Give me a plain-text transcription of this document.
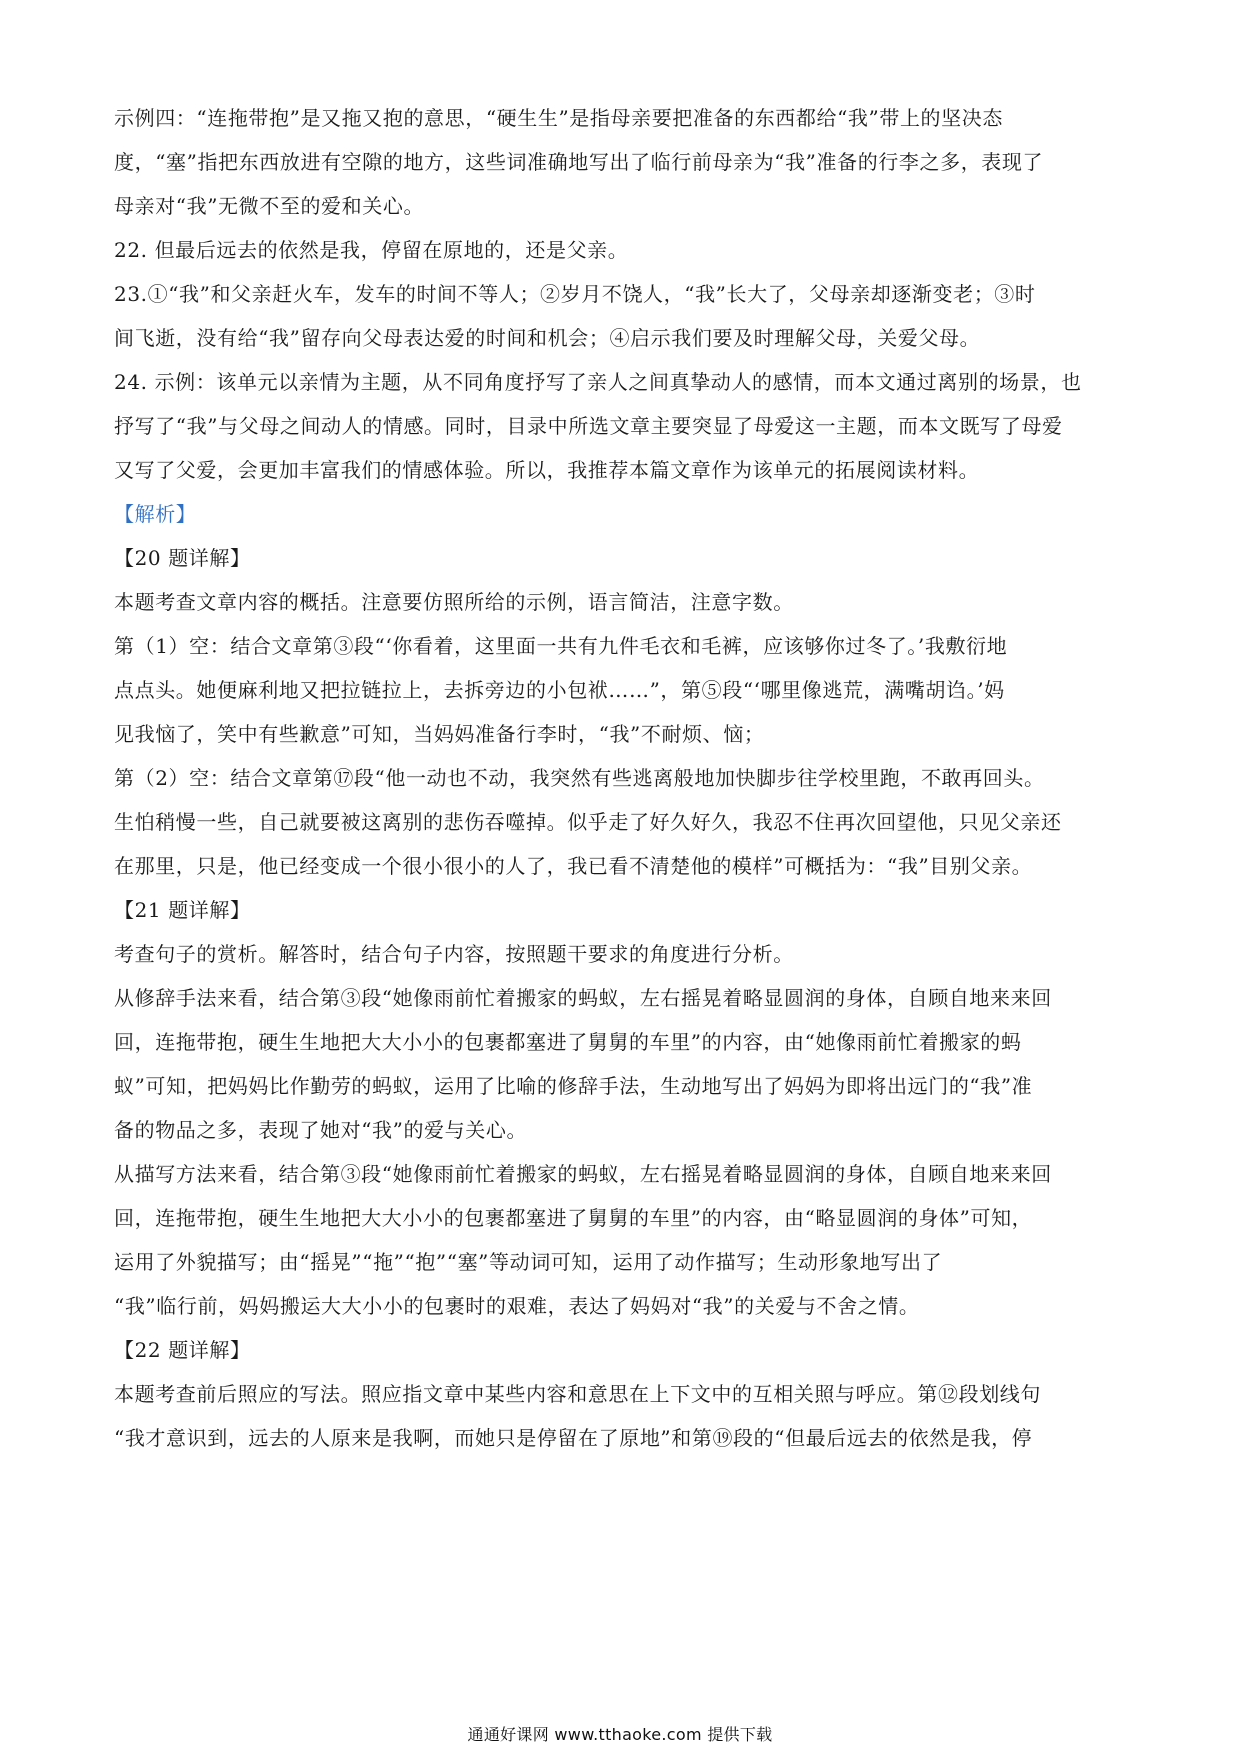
示例四：“连拖带抱”是又拖又抱的意思，“硬生生”是指母亲要把准备的东西都给“我”带上的坚决态
度，“塞”指把东西放进有空隙的地方，这些词准确地写出了临行前母亲为“我”准备的行李之多，表现了
母亲对“我”无微不至的爱和关心。
22. 但最后远去的依然是我，停留在原地的，还是父亲。
23.①“我”和父亲赶火车，发车的时间不等人；②岁月不饶人，“我”长大了，父母亲却逐渐变老；③时
间飞逝，没有给“我”留存向父母表达爱的时间和机会；④启示我们要及时理解父母，关爱父母。
24. 示例：该单元以亲情为主题，从不同角度抒写了亲人之间真挚动人的感情，而本文通过离别的场景，也
抒写了“我”与父母之间动人的情感。同时，目录中所选文章主要突显了母爱这一主题，而本文既写了母爱
又写了父爱，会更加丰富我们的情感体验。所以，我推荐本篇文章作为该单元的拓展阅读材料。
【解析】
【20 题详解】
本题考查文章内容的概括。注意要仿照所给的示例，语言简洁，注意字数。
第（1）空：结合文章第③段“‘你看着，这里面一共有九件毛衣和毛裤，应该够你过冬了。’我敷衍地
点点头。她便麻利地又把拉链拉上，去拆旁边的小包袱……”，第⑤段“‘哪里像逃荒，满嘴胡诌。’妈
见我恼了，笑中有些歉意”可知，当妈妈准备行李时，“我”不耐烦、恼；
第（2）空：结合文章第⑰段“他一动也不动，我突然有些逃离般地加快脚步往学校里跑，不敢再回头。
生怕稍慢一些，自己就要被这离别的悲伤吞噬掉。似乎走了好久好久，我忍不住再次回望他，只见父亲还
在那里，只是，他已经变成一个很小很小的人了，我已看不清楚他的模样”可概括为：“我”目别父亲。
【21 题详解】
考查句子的赏析。解答时，结合句子内容，按照题干要求的角度进行分析。
从修辞手法来看，结合第③段“她像雨前忙着搬家的蚂蚁，左右摇晃着略显圆润的身体，自顾自地来来回
回，连拖带抱，硬生生地把大大小小的包裹都塞进了舅舅的车里”的内容，由“她像雨前忙着搬家的蚂
蚁”可知，把妈妈比作勤劳的蚂蚁，运用了比喻的修辞手法，生动地写出了妈妈为即将出远门的“我”准
备的物品之多，表现了她对“我”的爱与关心。
从描写方法来看，结合第③段“她像雨前忙着搬家的蚂蚁，左右摇晃着略显圆润的身体，自顾自地来来回
回，连拖带抱，硬生生地把大大小小的包裹都塞进了舅舅的车里”的内容，由“略显圆润的身体”可知，
运用了外貌描写；由“摇晃”“拖”“抱”“塞”等动词可知，运用了动作描写；生动形象地写出了
“我”临行前，妈妈搬运大大小小的包裹时的艰难，表达了妈妈对“我”的关爱与不舍之情。
【22 题详解】
本题考查前后照应的写法。照应指文章中某些内容和意思在上下文中的互相关照与呼应。第⑫段划线句
“我才意识到，远去的人原来是我啊，而她只是停留在了原地”和第⑲段的“但最后远去的依然是我，停
通通好课网 www.tthaoke.com 提供下载
